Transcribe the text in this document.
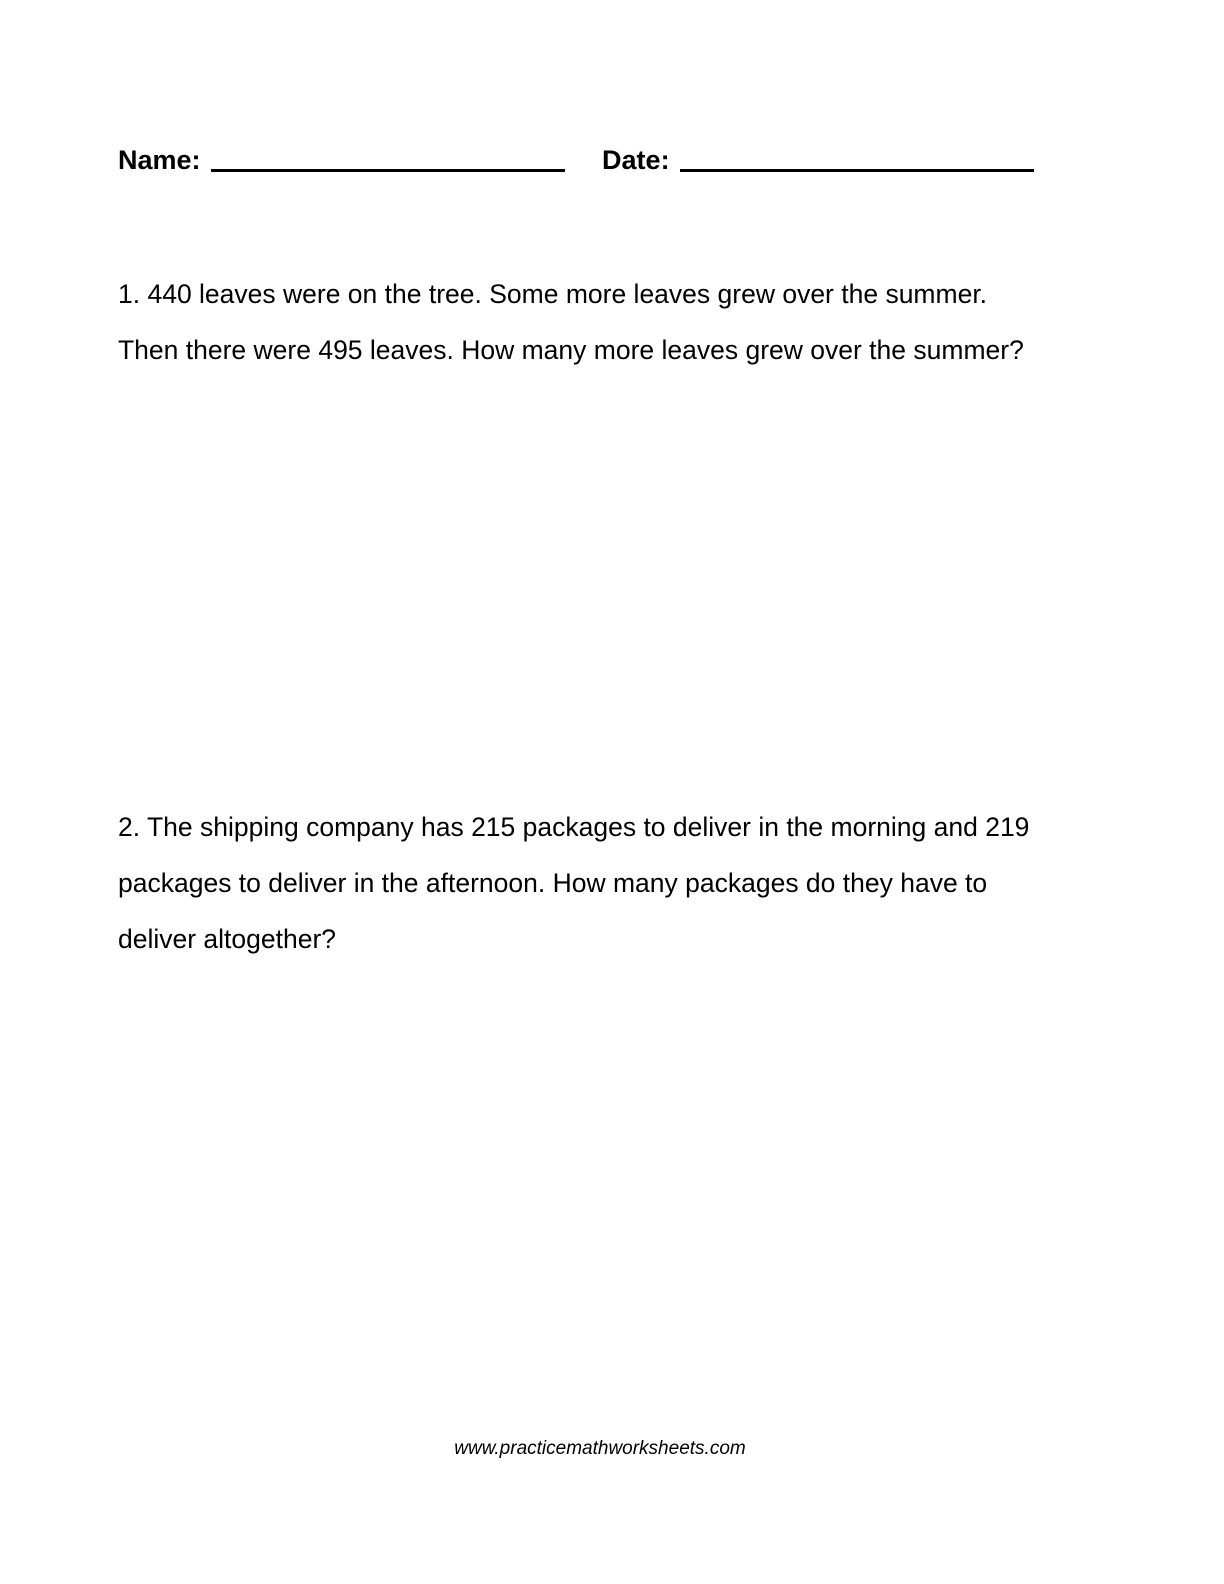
Name:	Date:
1. 440 leaves were on the tree. Some more leaves grew over the summer.
Then there were 495 leaves. How many more leaves grew over the summer?
2. The shipping company has 215 packages to deliver in the morning and 219
packages to deliver in the afternoon. How many packages do they have to
deliver altogether?
www.practicemathworksheets.com
